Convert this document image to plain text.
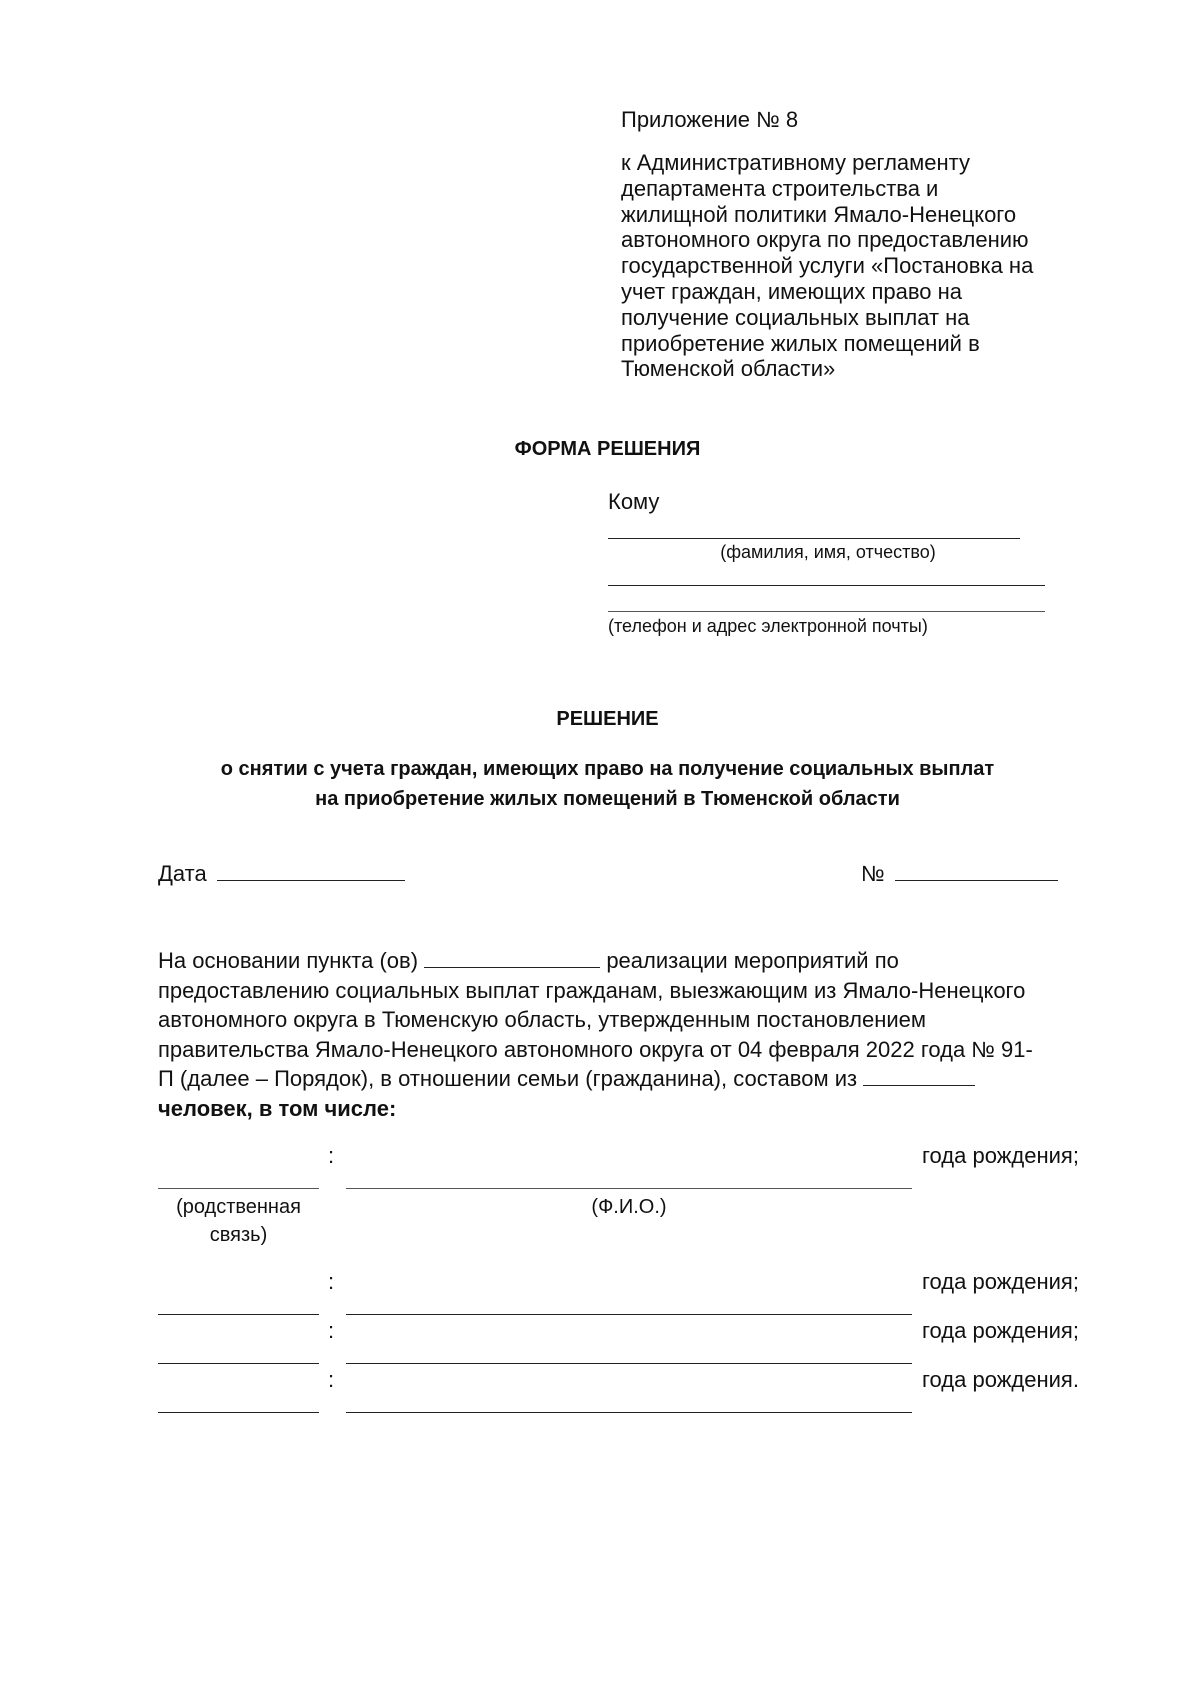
Приложение № 8
к Административному регламенту
департамента строительства и
жилищной политики Ямало-Ненецкого
автономного округа по предоставлению
государственной услуги «Постановка на
учет граждан, имеющих право на
получение социальных выплат на
приобретение жилых помещений в
Тюменской области»
ФОРМА РЕШЕНИЯ
Кому
(фамилия, имя, отчество)
(телефон и адрес электронной почты)
РЕШЕНИЕ
о снятии с учета граждан, имеющих право на получение социальных выплат
на приобретение жилых помещений в Тюменской области
Дата	№
На основании пункта (ов)	реализации мероприятий по
предоставлению социальных выплат гражданам, выезжающим из Ямало-Ненецкого
автономного округа в Тюменскую область, утвержденным постановлением
правительства Ямало-Ненецкого автономного округа от 04 февраля 2022 года № 91-
П (далее – Порядок), в отношении семьи (гражданина), составом из
человек, в том числе:
:	года рождения;
(родственная связь)
(Ф.И.О.)
:	года рождения;
:	года рождения;
:	года рождения.
